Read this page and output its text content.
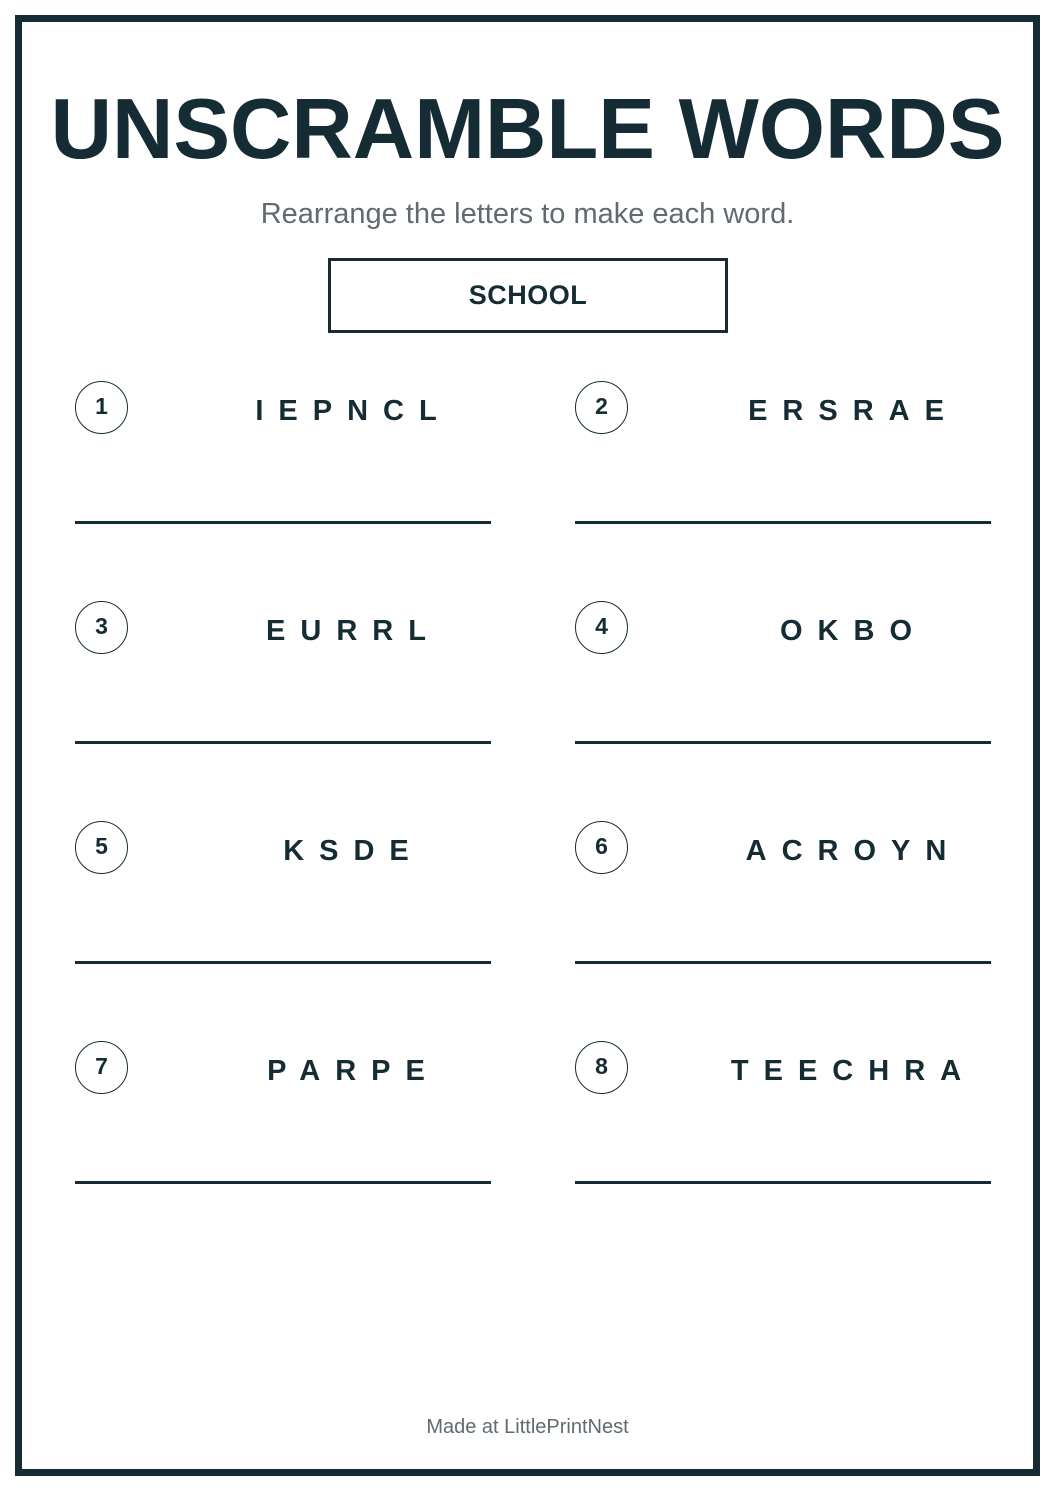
UNSCRAMBLE WORDS
Rearrange the letters to make each word.
SCHOOL
1	IEPNCL	2	ERSRAE
3	EURRL	4	OKBO
5	KSDE	6	ACROYN
7	PARPE	8	TEECHRA
Made at LittlePrintNest
